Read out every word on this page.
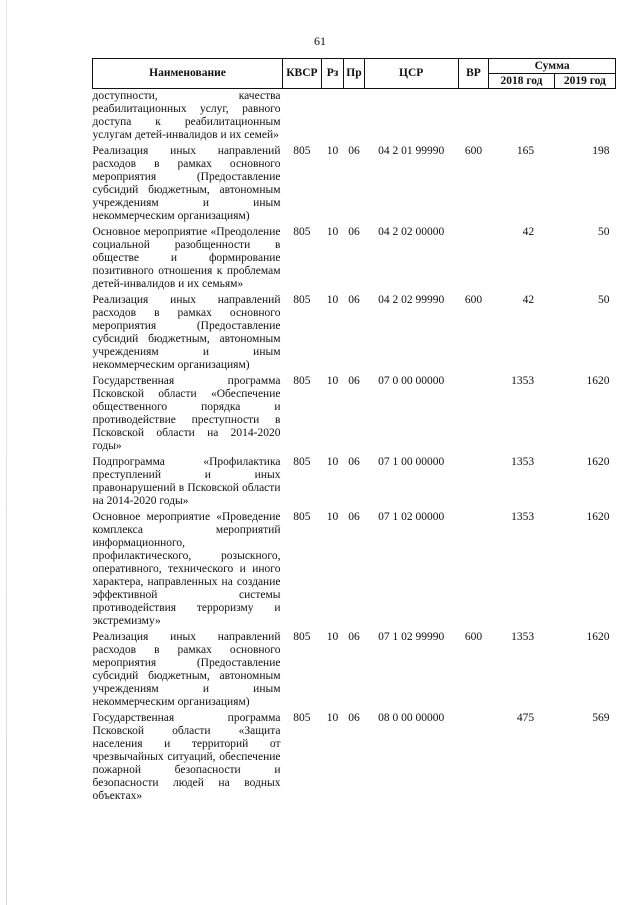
61
Наименование	КВСР	Рз	Пр	ЦСР	ВР	Сумма	
						2018 год	2019 год
доступности, качества реабилитационных услуг, равного доступа к реабилитационным услугам детей-инвалидов и их семей»							
Реализация иных направлений расходов в рамках основного мероприятия (Предоставление субсидий бюджетным, автономным учреждениям и иным некоммерческим организациям)	805	10	06	04 2 01 99990	600	165	198
Основное мероприятие «Преодоление социальной разобщенности в обществе и формирование позитивного отношения к проблемам детей-инвалидов и их семьям»	805	10	06	04 2 02 00000		42	50
Реализация иных направлений расходов в рамках основного мероприятия (Предоставление субсидий бюджетным, автономным учреждениям и иным некоммерческим организациям)	805	10	06	04 2 02 99990	600	42	50
Государственная программа Псковской области «Обеспечение общественного порядка и противодействие преступности в Псковской области на 2014-2020 годы»	805	10	06	07 0 00 00000		1353	1620
Подпрограмма «Профилактика преступлений и иных правонарушений в Псковской области на 2014-2020 годы»	805	10	06	07 1 00 00000		1353	1620
Основное мероприятие «Проведение комплекса мероприятий информационного, профилактического, розыскного, оперативного, технического и иного характера, направленных на создание эффективной системы противодействия терроризму и экстремизму»	805	10	06	07 1 02 00000		1353	1620
Реализация иных направлений расходов в рамках основного мероприятия (Предоставление субсидий бюджетным, автономным учреждениям и иным некоммерческим организациям)	805	10	06	07 1 02 99990	600	1353	1620
Государственная программа Псковской области «Защита населения и территорий от чрезвычайных ситуаций, обеспечение пожарной безопасности и безопасности людей на водных объектах»	805	10	06	08 0 00 00000		475	569
